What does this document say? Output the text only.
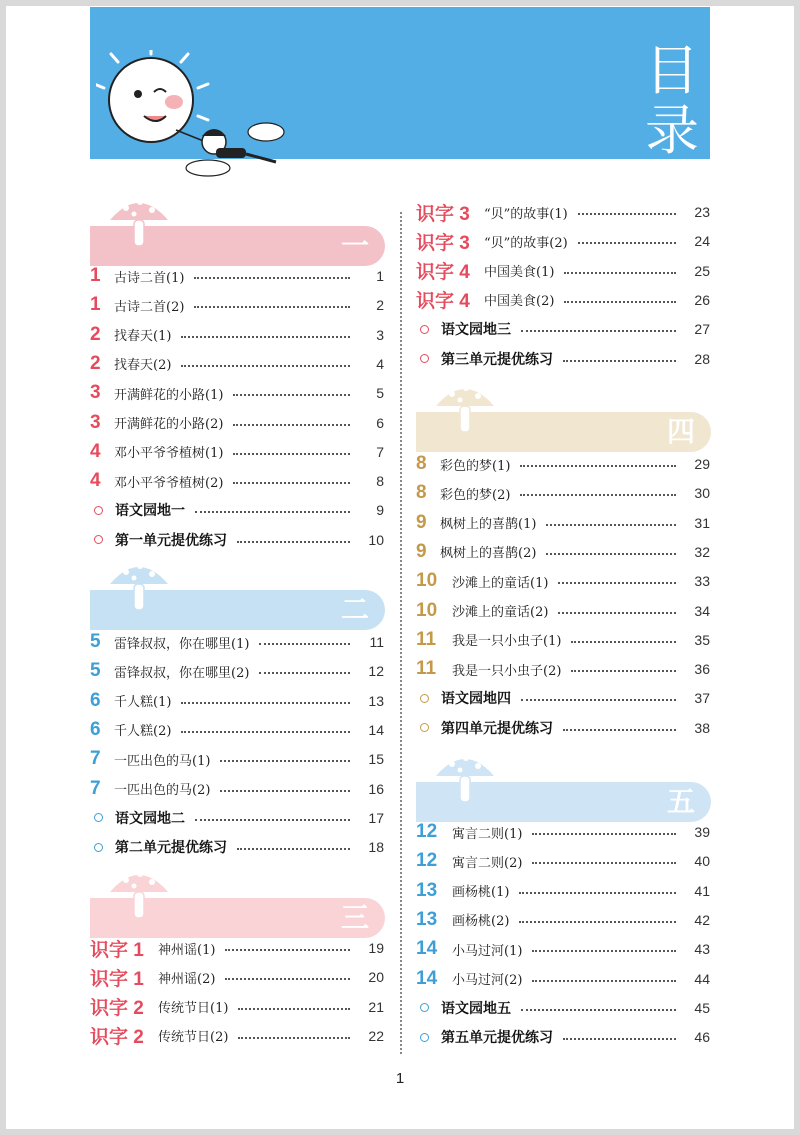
目录
一
1	古诗二首(1)	1
1	古诗二首(2)	2
2	找春天(1)	3
2	找春天(2)	4
3	开满鲜花的小路(1)	5
3	开满鲜花的小路(2)	6
4	邓小平爷爷植树(1)	7
4	邓小平爷爷植树(2)	8
语文园地一	9
第一单元提优练习	10
二
5	雷锋叔叔，你在哪里(1)	11
5	雷锋叔叔，你在哪里(2)	12
6	千人糕(1)	13
6	千人糕(2)	14
7	一匹出色的马(1)	15
7	一匹出色的马(2)	16
语文园地二	17
第二单元提优练习	18
三
识字 1	神州谣(1)	19
识字 1	神州谣(2)	20
识字 2	传统节日(1)	21
识字 2	传统节日(2)	22
识字 3	“贝”的故事(1)	23
识字 3	“贝”的故事(2)	24
识字 4	中国美食(1)	25
识字 4	中国美食(2)	26
语文园地三	27
第三单元提优练习	28
四
8	彩色的梦(1)	29
8	彩色的梦(2)	30
9	枫树上的喜鹊(1)	31
9	枫树上的喜鹊(2)	32
10	沙滩上的童话(1)	33
10	沙滩上的童话(2)	34
11	我是一只小虫子(1)	35
11	我是一只小虫子(2)	36
语文园地四	37
第四单元提优练习	38
五
12	寓言二则(1)	39
12	寓言二则(2)	40
13	画杨桃(1)	41
13	画杨桃(2)	42
14	小马过河(1)	43
14	小马过河(2)	44
语文园地五	45
第五单元提优练习	46
1
